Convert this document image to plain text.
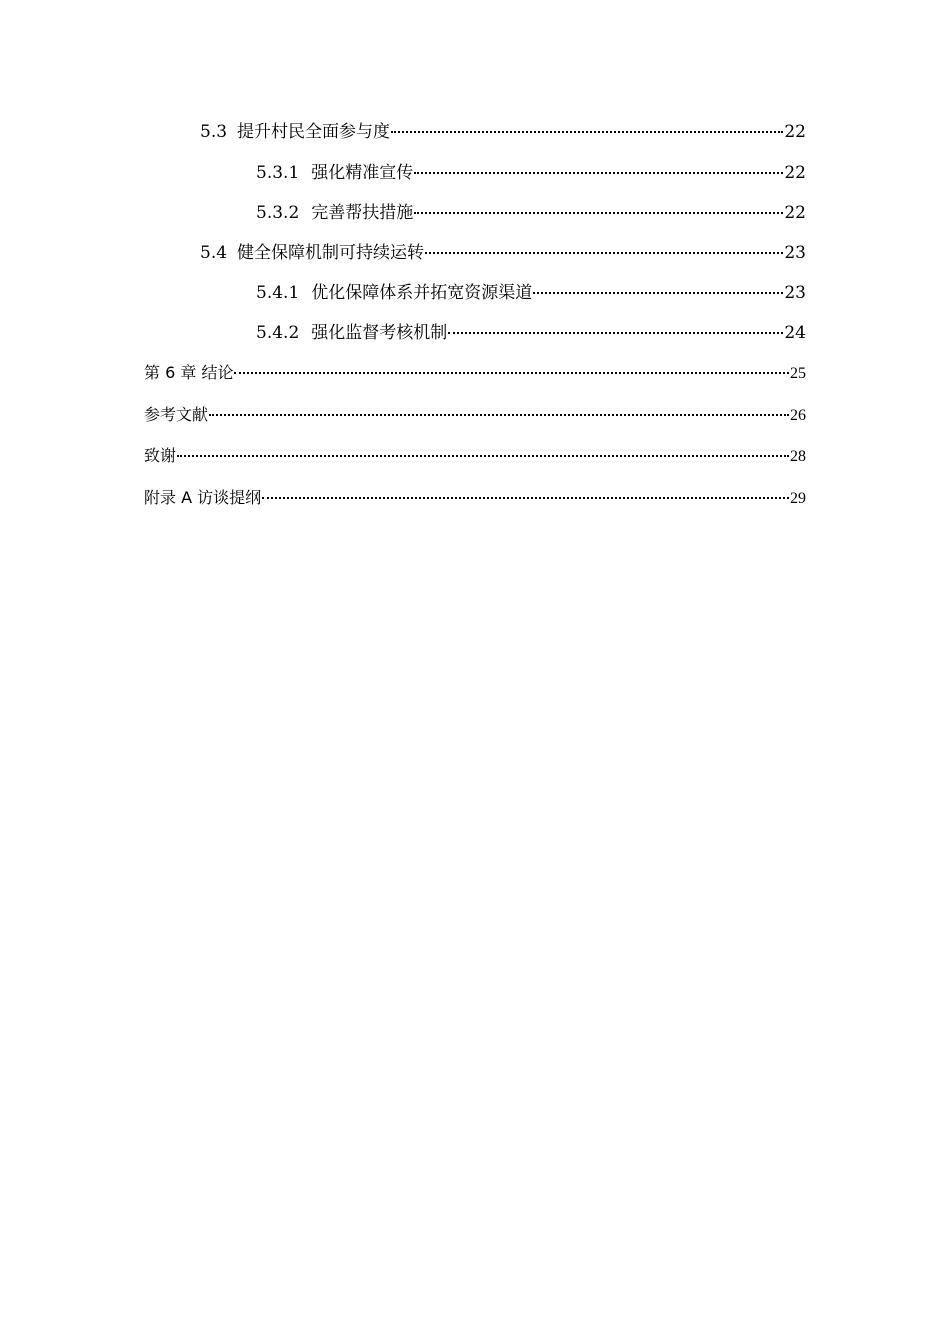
5.3 提升村民全面参与度	22
5.3.1 强化精准宣传	22
5.3.2 完善帮扶措施	22
5.4 健全保障机制可持续运转	23
5.4.1 优化保障体系并拓宽资源渠道	23
5.4.2 强化监督考核机制	24
第 6 章 结论	25
参考文献	26
致谢	28
附录 A 访谈提纲	29
